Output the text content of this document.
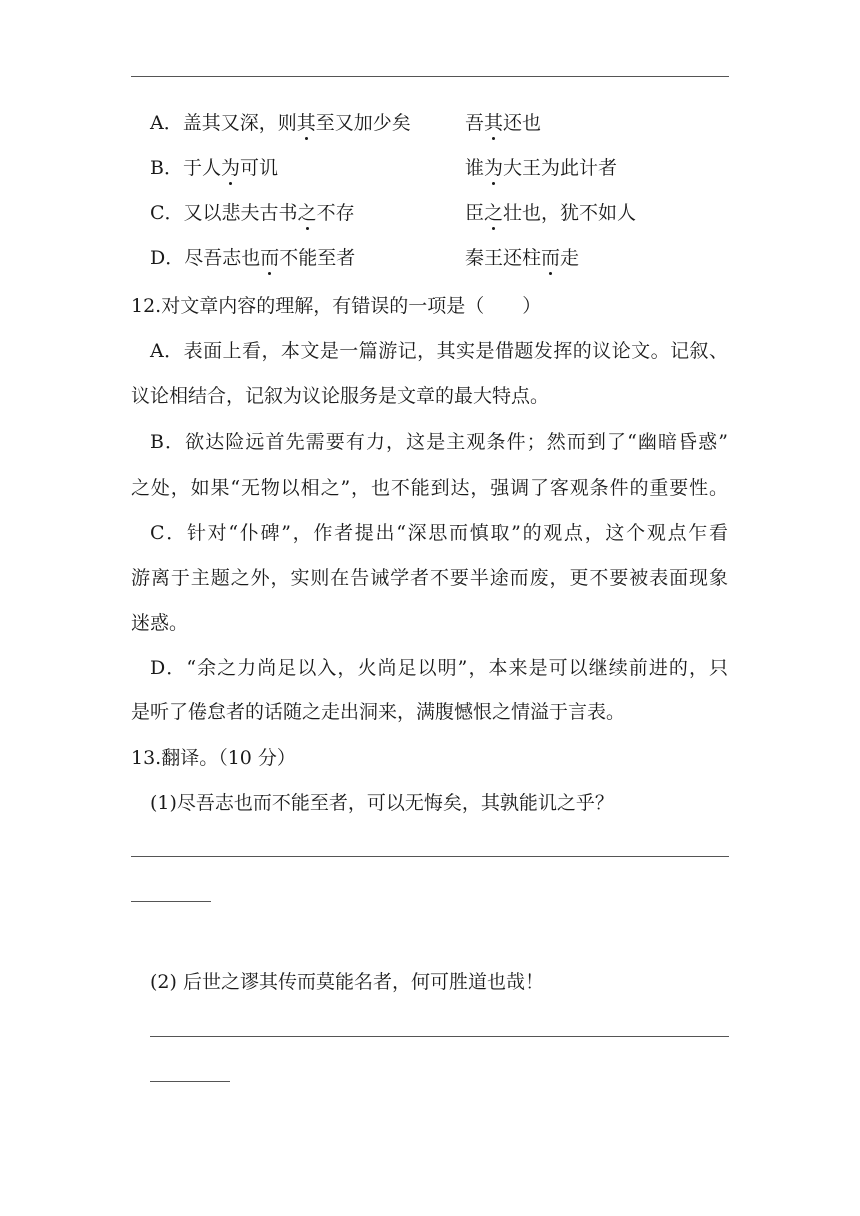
A．盖其又深，则其至又加少矣	吾其还也
B．于人为可讥	谁为大王为此计者
C．又以悲夫古书之不存	臣之壮也，犹不如人
D．尽吾志也而不能至者	秦王还柱而走
12.对文章内容的理解，有错误的一项是（　　）
A．表面上看，本文是一篇游记，其实是借题发挥的议论文。记叙、
议论相结合，记叙为议论服务是文章的最大特点。
B．欲达险远首先需要有力，这是主观条件；然而到了“幽暗昏惑”
之处，如果“无物以相之”，也不能到达，强调了客观条件的重要性。
C．针对“仆碑”，作者提出“深思而慎取”的观点，这个观点乍看
游离于主题之外，实则在告诫学者不要半途而废，更不要被表面现象
迷惑。
D．“余之力尚足以入，火尚足以明”，本来是可以继续前进的，只
是听了倦怠者的话随之走出洞来，满腹憾恨之情溢于言表。
13.翻译。（10 分）
(1)尽吾志也而不能至者，可以无悔矣，其孰能讥之乎？
(2) 后世之谬其传而莫能名者，何可胜道也哉！
